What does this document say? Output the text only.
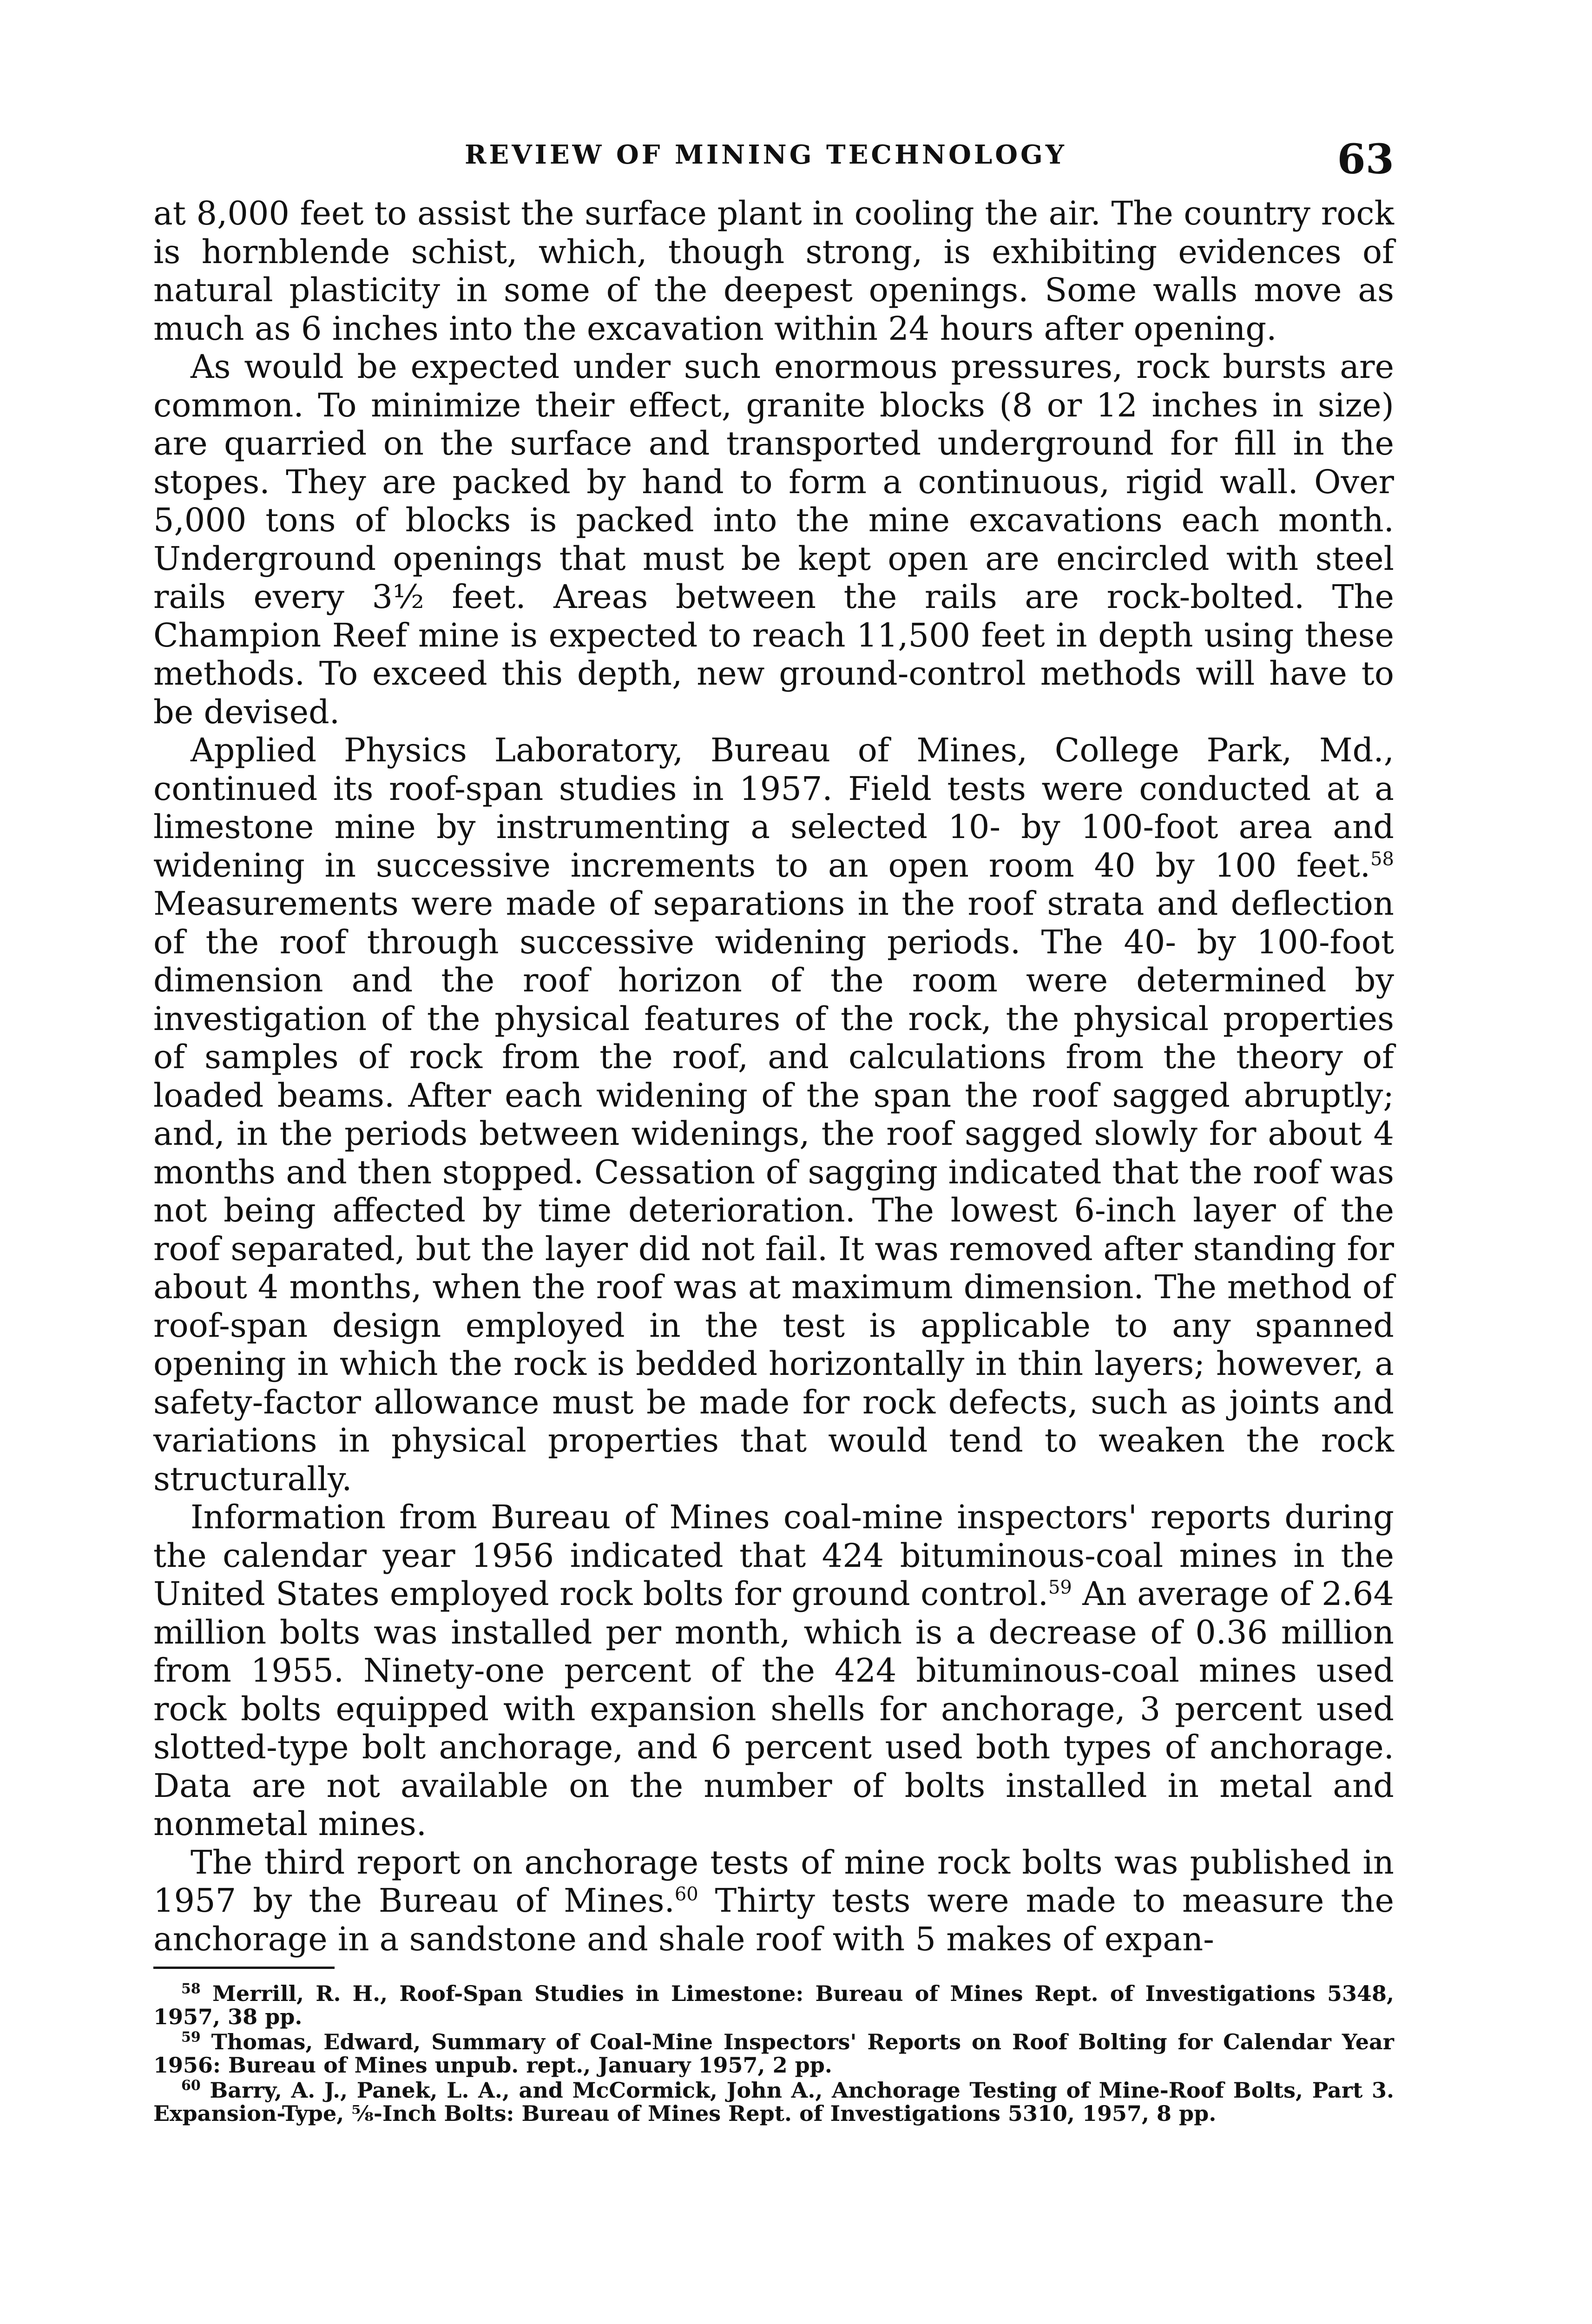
REVIEW OF MINING TECHNOLOGY	63

at 8,000 feet to assist the surface plant in cooling the air. The country rock is hornblende schist, which, though strong, is exhibiting evidences of natural plasticity in some of the deepest openings. Some walls move as much as 6 inches into the excavation within 24 hours after opening.

As would be expected under such enormous pressures, rock bursts are common. To minimize their effect, granite blocks (8 or 12 inches in size) are quarried on the surface and transported underground for fill in the stopes. They are packed by hand to form a continuous, rigid wall. Over 5,000 tons of blocks is packed into the mine excavations each month. Underground openings that must be kept open are encircled with steel rails every 3½ feet. Areas between the rails are rock-bolted. The Champion Reef mine is expected to reach 11,500 feet in depth using these methods. To exceed this depth, new ground-control methods will have to be devised.

Applied Physics Laboratory, Bureau of Mines, College Park, Md., continued its roof-span studies in 1957. Field tests were conducted at a limestone mine by instrumenting a selected 10- by 100-foot area and widening in successive increments to an open room 40 by 100 feet.$^{58}$ Measurements were made of separations in the roof strata and deflection of the roof through successive widening periods. The 40- by 100-foot dimension and the roof horizon of the room were determined by investigation of the physical features of the rock, the physical properties of samples of rock from the roof, and calculations from the theory of loaded beams. After each widening of the span the roof sagged abruptly; and, in the periods between widenings, the roof sagged slowly for about 4 months and then stopped. Cessation of sagging indicated that the roof was not being affected by time deterioration. The lowest 6-inch layer of the roof separated, but the layer did not fail. It was removed after standing for about 4 months, when the roof was at maximum dimension. The method of roof-span design employed in the test is applicable to any spanned opening in which the rock is bedded horizontally in thin layers; however, a safety-factor allowance must be made for rock defects, such as joints and variations in physical properties that would tend to weaken the rock structurally.

Information from Bureau of Mines coal-mine inspectors' reports during the calendar year 1956 indicated that 424 bituminous-coal mines in the United States employed rock bolts for ground control.$^{59}$ An average of 2.64 million bolts was installed per month, which is a decrease of 0.36 million from 1955. Ninety-one percent of the 424 bituminous-coal mines used rock bolts equipped with expansion shells for anchorage, 3 percent used slotted-type bolt anchorage, and 6 percent used both types of anchorage. Data are not available on the number of bolts installed in metal and nonmetal mines.

The third report on anchorage tests of mine rock bolts was published in 1957 by the Bureau of Mines.$^{60}$ Thirty tests were made to measure the anchorage in a sandstone and shale roof with 5 makes of expan-

$^{58}$ Merrill, R. H., Roof-Span Studies in Limestone: Bureau of Mines Rept. of Investigations 5348, 1957, 38 pp.

$^{59}$ Thomas, Edward, Summary of Coal-Mine Inspectors' Reports on Roof Bolting for Calendar Year 1956: Bureau of Mines unpub. rept., January 1957, 2 pp.

$^{60}$ Barry, A. J., Panek, L. A., and McCormick, John A., Anchorage Testing of Mine-Roof Bolts, Part 3. Expansion-Type, ⅝-Inch Bolts: Bureau of Mines Rept. of Investigations 5310, 1957, 8 pp.
